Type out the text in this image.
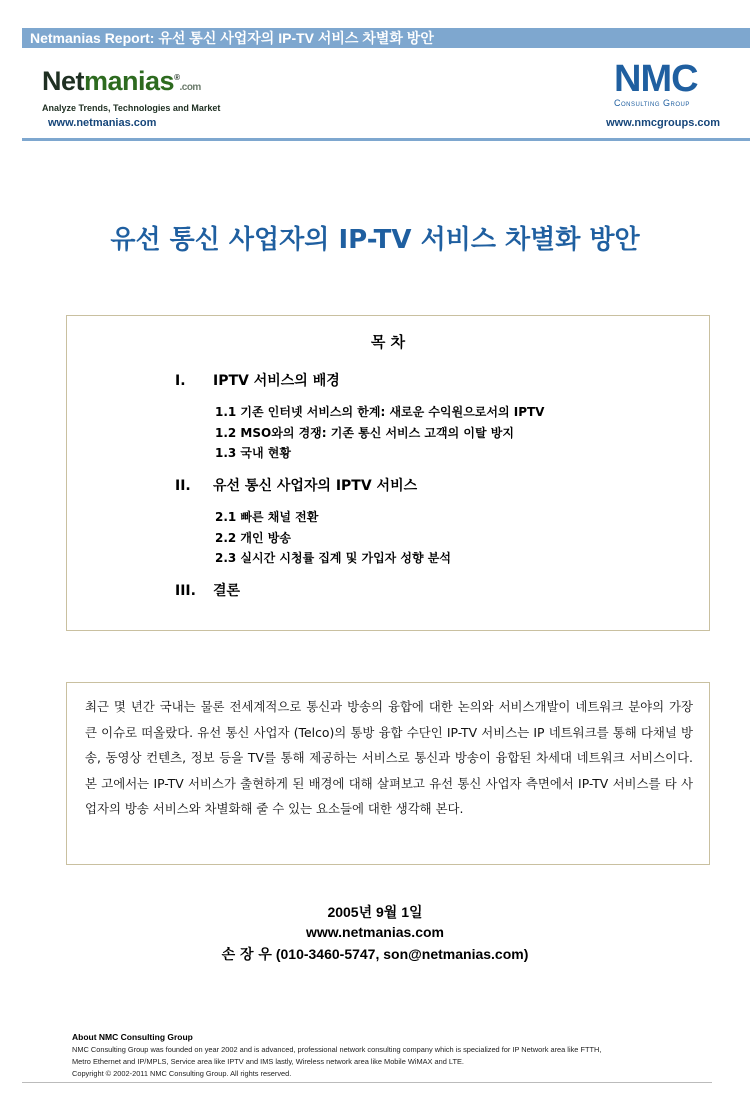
Netmanias Report: 유선 통신 사업자의 IP-TV 서비스 차별화 방안
Netmanias®.com
Analyze Trends, Technologies and Market
www.netmanias.com
NMC
Consulting Group
www.nmcgroups.com
유선 통신 사업자의 IP-TV 서비스 차별화 방안
목 차
I. IPTV 서비스의 배경
1.1 기존 인터넷 서비스의 한계: 새로운 수익원으로서의 IPTV
1.2 MSO와의 경쟁: 기존 통신 서비스 고객의 이탈 방지
1.3 국내 현황
II. 유선 통신 사업자의 IPTV 서비스
2.1 빠른 채널 전환
2.2 개인 방송
2.3 실시간 시청률 집계 및 가입자 성향 분석
III. 결론
최근 몇 년간 국내는 물론 전세계적으로 통신과 방송의 융합에 대한 논의와 서비스개발이 네트워크 분야의 가장 큰 이슈로 떠올랐다. 유선 통신 사업자 (Telco)의 통방 융합 수단인 IP-TV 서비스는 IP 네트워크를 통해 다채널 방송, 동영상 컨텐츠, 정보 등을 TV를 통해 제공하는 서비스로 통신과 방송이 융합된 차세대 네트워크 서비스이다. 본 고에서는 IP-TV 서비스가 출현하게 된 배경에 대해 살펴보고 유선 통신 사업자 측면에서 IP-TV 서비스를 타 사업자의 방송 서비스와 차별화해 줄 수 있는 요소들에 대한 생각해 본다.
2005년 9월 1일
www.netmanias.com
손 장 우 (010-3460-5747, son@netmanias.com)
About NMC Consulting Group
NMC Consulting Group was founded on year 2002 and is advanced, professional network consulting company which is specialized for IP Network area like FTTH,
Metro Ethernet and IP/MPLS, Service area like IPTV and IMS lastly, Wireless network area like Mobile WiMAX and LTE.
Copyright © 2002-2011 NMC Consulting Group. All rights reserved.
